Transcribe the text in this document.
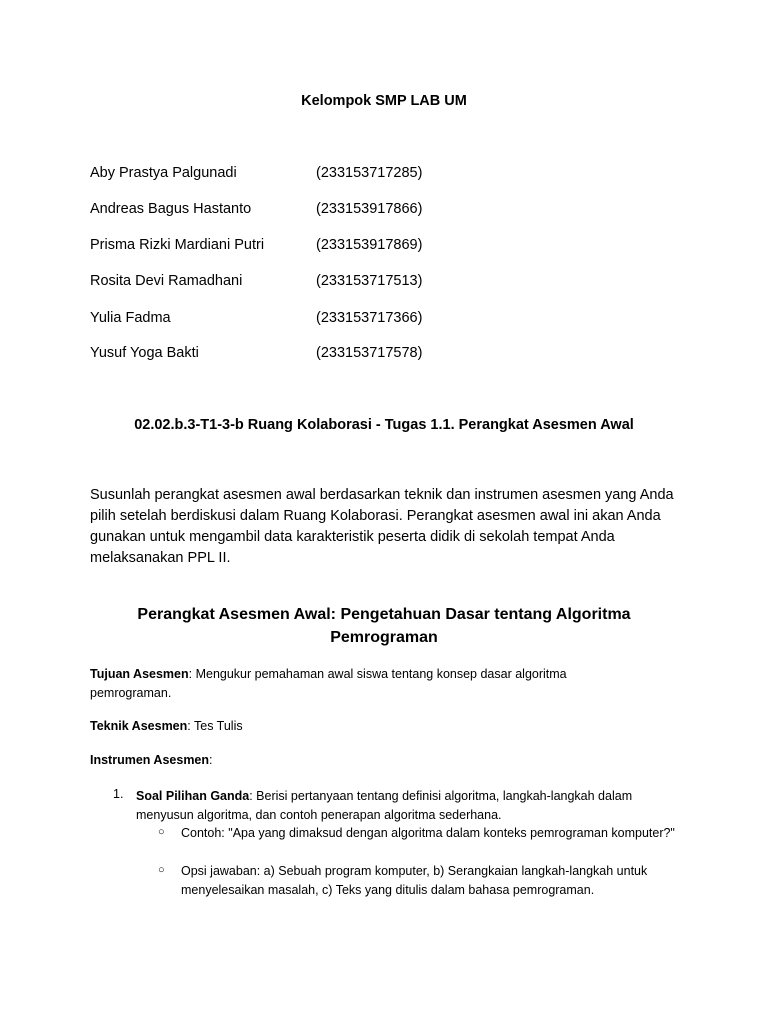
Kelompok SMP LAB UM
Aby Prastya Palgunadi	(233153717285)
Andreas Bagus Hastanto	(233153917866)
Prisma Rizki Mardiani Putri	(233153917869)
Rosita Devi Ramadhani	(233153717513)
Yulia Fadma	(233153717366)
Yusuf Yoga Bakti	(233153717578)
02.02.b.3-T1-3-b Ruang Kolaborasi - Tugas 1.1. Perangkat Asesmen Awal
Susunlah perangkat asesmen awal berdasarkan teknik dan instrumen asesmen yang Anda pilih setelah berdiskusi dalam Ruang Kolaborasi. Perangkat asesmen awal ini akan Anda gunakan untuk mengambil data karakteristik peserta didik di sekolah tempat Anda melaksanakan PPL II.
Perangkat Asesmen Awal: Pengetahuan Dasar tentang Algoritma Pemrograman
Tujuan Asesmen: Mengukur pemahaman awal siswa tentang konsep dasar algoritma pemrograman.
Teknik Asesmen: Tes Tulis
Instrumen Asesmen:
1. Soal Pilihan Ganda: Berisi pertanyaan tentang definisi algoritma, langkah-langkah dalam menyusun algoritma, dan contoh penerapan algoritma sederhana.
○ Contoh: "Apa yang dimaksud dengan algoritma dalam konteks pemrograman komputer?"
○ Opsi jawaban: a) Sebuah program komputer, b) Serangkaian langkah-langkah untuk menyelesaikan masalah, c) Teks yang ditulis dalam bahasa pemrograman.
